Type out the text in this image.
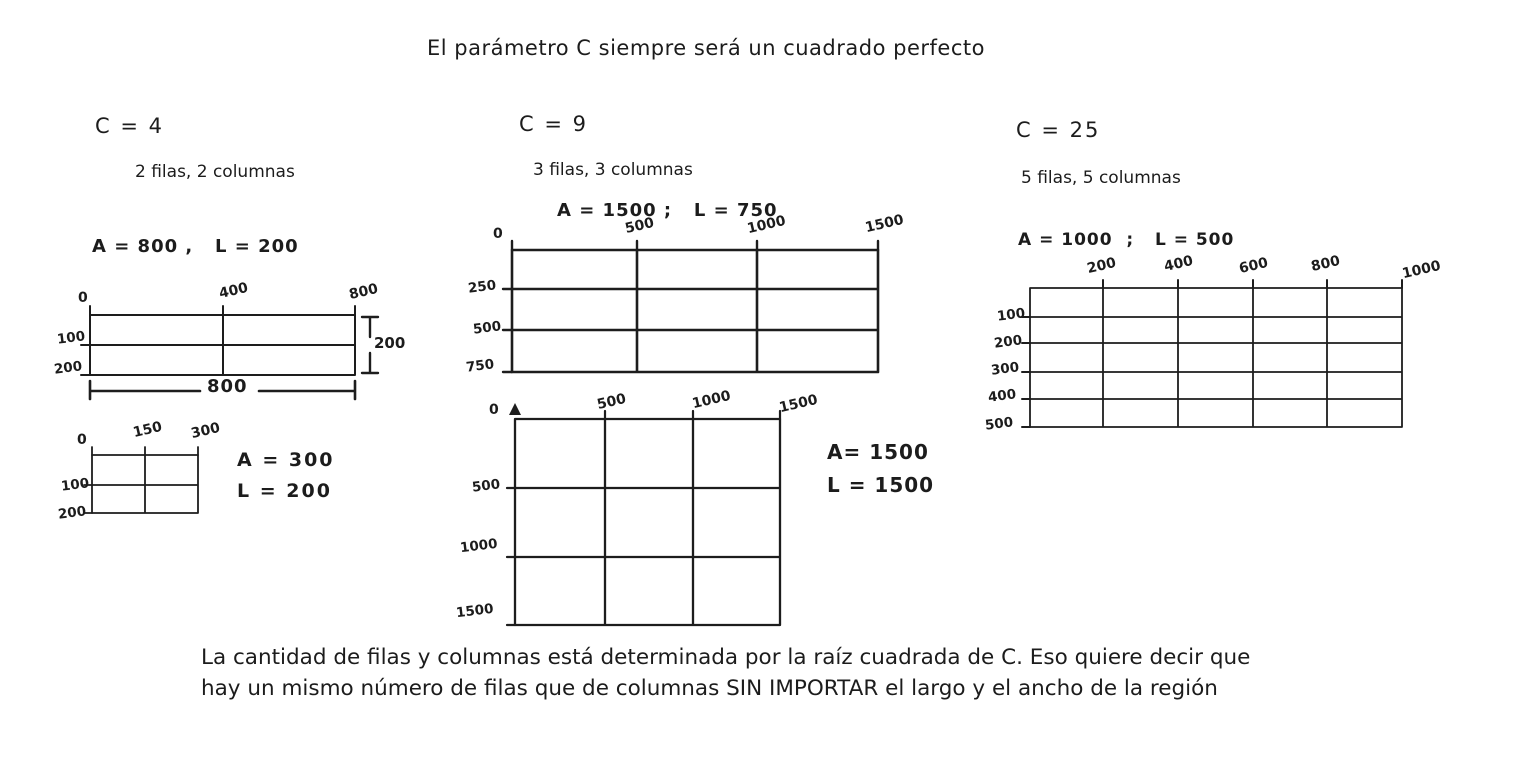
El parámetro C siempre será un cuadrado perfecto
C = 4
2 filas, 2 columnas
A = 800 ,   L = 200
0	400	800
100
200
200
800
0	150 300
100
200
A = 300
L = 200
C = 9
3 filas, 3 columnas
A = 1500 ;   L = 750
0	500	1000	1500
250
500
750
0	500	1000	1500
500
1000
1500
A= 1500
L = 1500
C = 25
5 filas, 5 columnas
A = 1000  ;   L = 500
200	400	600	800	1000
100
200
300
400
500
La cantidad de filas y columnas está determinada por la raíz cuadrada de C. Eso quiere decir que
hay un mismo número de filas que de columnas SIN IMPORTAR el largo y el ancho de la región
